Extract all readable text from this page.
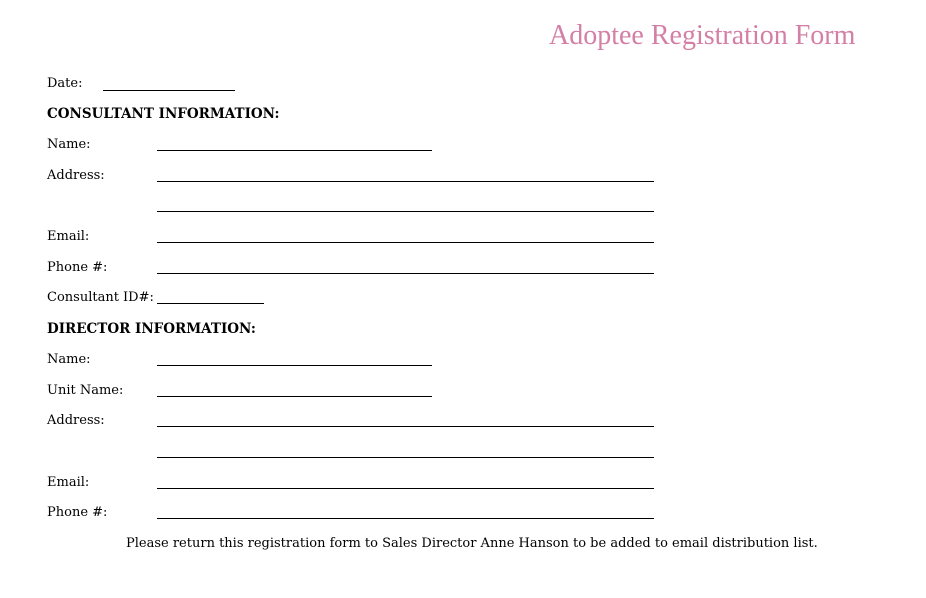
Adoptee Registration Form
Date:
CONSULTANT INFORMATION:
Name:
Address:
Email:
Phone #:
Consultant ID#:
DIRECTOR INFORMATION:
Name:
Unit Name:
Address:
Email:
Phone #:
Please return this registration form to Sales Director Anne Hanson to be added to email distribution list.
